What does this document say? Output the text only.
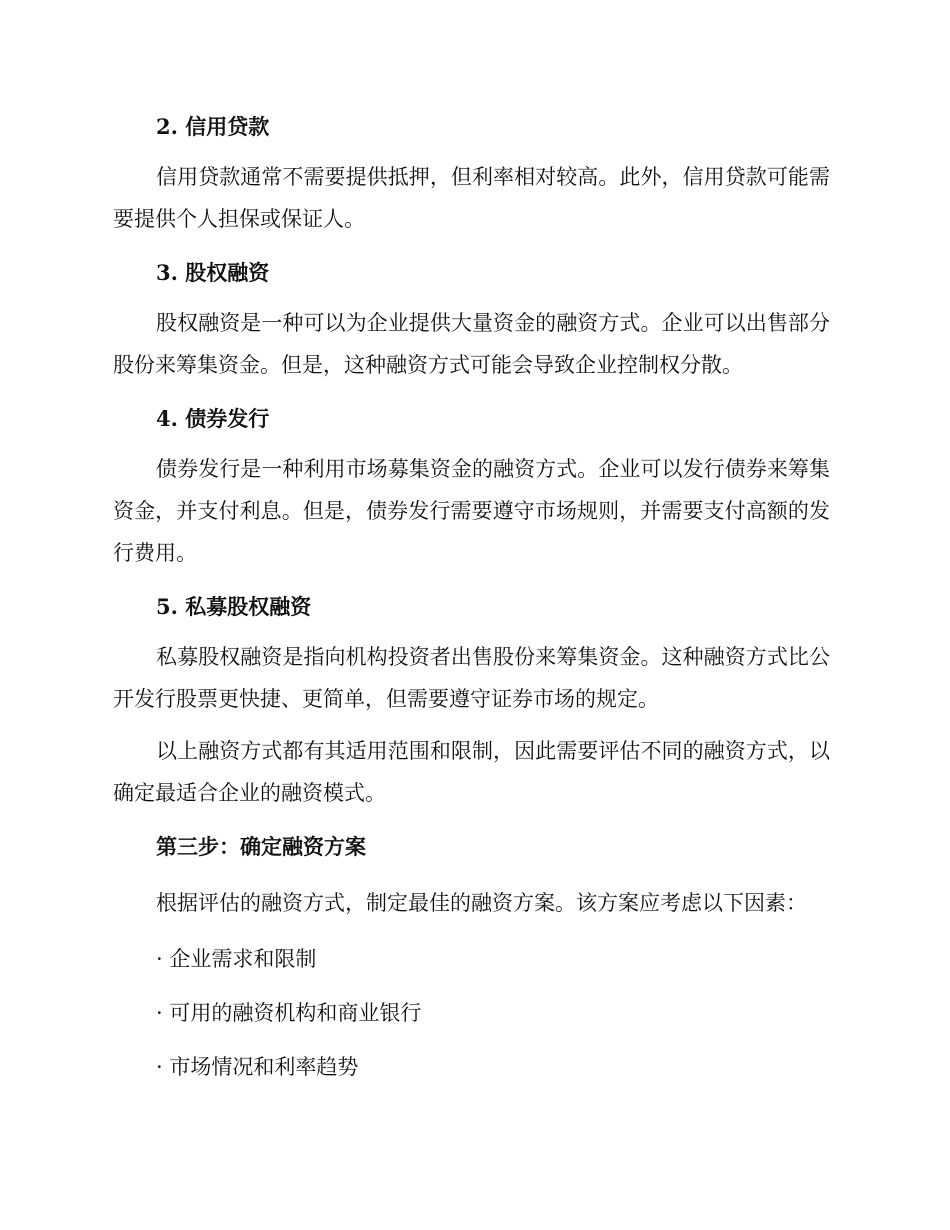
2. 信用贷款

信用贷款通常不需要提供抵押，但利率相对较高。此外，信用贷款可能需要提供个人担保或保证人。

3. 股权融资

股权融资是一种可以为企业提供大量资金的融资方式。企业可以出售部分股份来筹集资金。但是，这种融资方式可能会导致企业控制权分散。

4. 债券发行

债券发行是一种利用市场募集资金的融资方式。企业可以发行债券来筹集资金，并支付利息。但是，债券发行需要遵守市场规则，并需要支付高额的发行费用。

5. 私募股权融资

私募股权融资是指向机构投资者出售股份来筹集资金。这种融资方式比公开发行股票更快捷、更简单，但需要遵守证券市场的规定。

以上融资方式都有其适用范围和限制，因此需要评估不同的融资方式，以确定最适合企业的融资模式。

第三步：确定融资方案

根据评估的融资方式，制定最佳的融资方案。该方案应考虑以下因素：

· 企业需求和限制

· 可用的融资机构和商业银行

· 市场情况和利率趋势
